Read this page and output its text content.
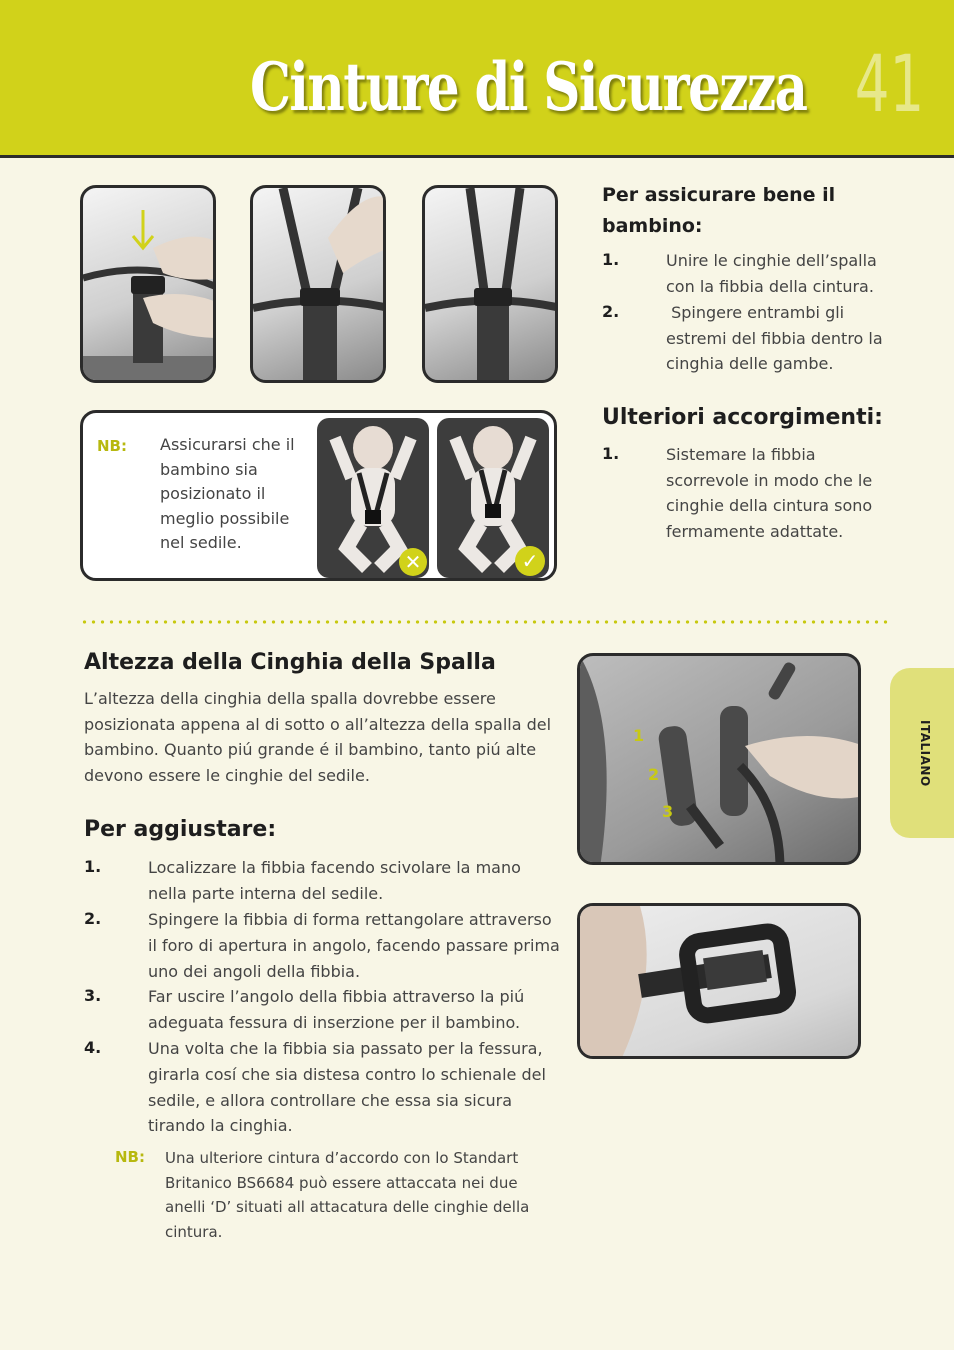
Cinture di Sicurezza 41
Per assicurare bene il bambino:
1.	Unire le cinghie dell’spalla con la fibbia della cintura.
2.	Spingere entrambi gli estremi del fibbia dentro la cinghia delle gambe.
NB: Assicurarsi che il bambino sia posizionato il meglio possibile nel sedile.
✕	✓
Ulteriori accorgimenti:
1.	Sistemare la fibbia scorrevole in modo che le cinghie della cintura sono fermamente adattate.
Altezza della Cinghia della Spalla
L’altezza della cinghia della spalla dovrebbe essere posizionata appena al di sotto o all’altezza della spalla del bambino. Quanto piú grande é il bambino, tanto piú alte devono essere le cinghie del sedile.
Per aggiustare:
1.	Localizzare la fibbia facendo scivolare la mano nella parte interna del sedile.
2.	Spingere la fibbia di forma rettangolare attraverso il foro di apertura in angolo, facendo passare prima uno dei angoli della fibbia.
3.	Far uscire l’angolo della fibbia attraverso la piú adeguata fessura di inserzione per il bambino.
4.	Una volta che la fibbia sia passato per la fessura, girarla cosí che sia distesa contro lo schienale del sedile, e allora controllare che essa sia sicura tirando la cinghia.
NB: Una ulteriore cintura d’accordo con lo Standart Britanico BS6684 può essere attaccata nei due anelli ‘D’ situati all attacatura delle cinghie della cintura.
1
2
3
ITALIANO
